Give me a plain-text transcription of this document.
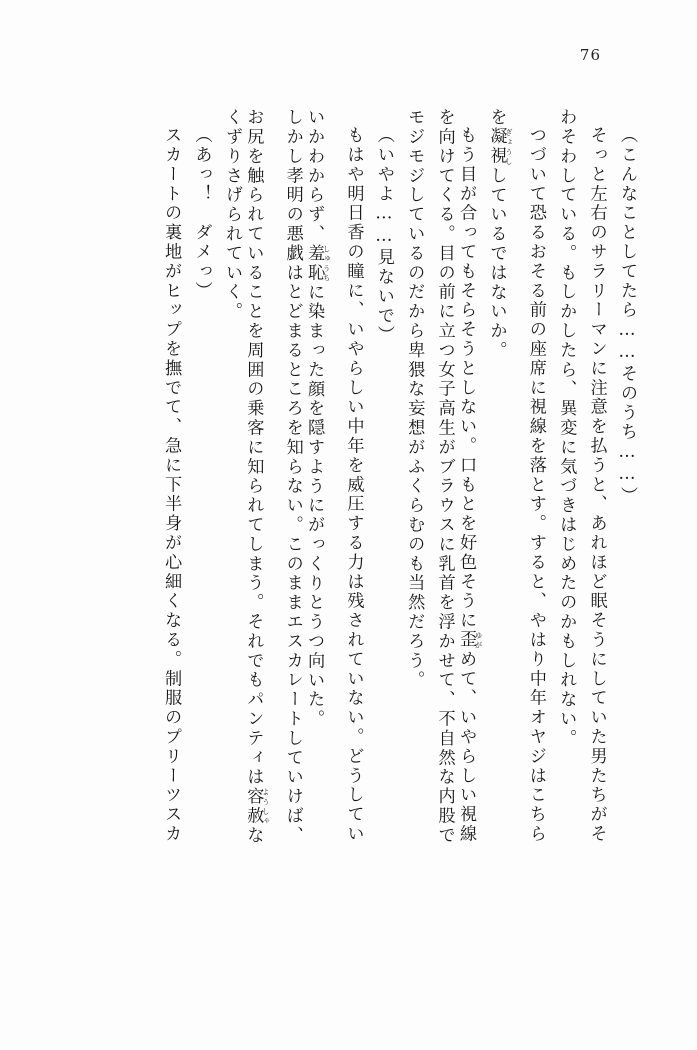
76
（こんなことしてたら……そのうち……）
そっと左右のサラリーマンに注意を払うと、あれほど眠そうにしていた男たちがそ
わそわしている。もしかしたら、異変に気づきはじめたのかもしれない。
つづいて恐るおそる前の座席に視線を落とす。すると、やはり中年オヤジはこちら
を凝視ぎょうししているではないか。
もう目が合ってもそらそうとしない。口もとを好色そうに歪ゆがめて、いやらしい視線
を向けてくる。目の前に立つ女子高生がブラウスに乳首を浮かせて、不自然な内股で
モジモジしているのだから卑猥な妄想がふくらむのも当然だろう。
（いやよ……見ないで）
もはや明日香の瞳に、いやらしい中年を威圧する力は残されていない。どうしてい
いかわからず、羞恥しゅうちに染まった顔を隠すようにがっくりとうつ向いた。
しかし孝明の悪戯はとどまるところを知らない。このままエスカレートしていけば、
お尻を触られていることを周囲の乗客に知られてしまう。それでもパンティは容赦ようしゃな
くずりさげられていく。
（あっ！　ダメっ）
スカートの裏地がヒップを撫でて、急に下半身が心細くなる。制服のプリーツスカ
